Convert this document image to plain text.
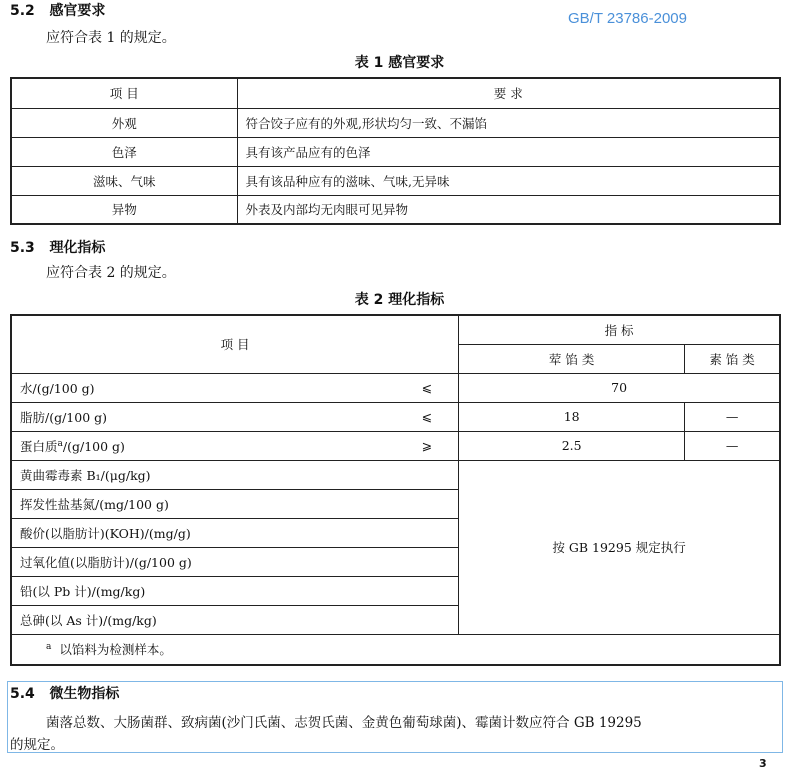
5.2 感官要求	GB/T 23786-2009
应符合表 1 的规定。
表 1 感官要求
项 目	要 求
外观	符合饺子应有的外观,形状均匀一致、不漏馅
色泽	具有该产品应有的色泽
滋味、气味	具有该品种应有的滋味、气味,无异味
异物	外表及内部均无肉眼可见异物
5.3 理化指标
应符合表 2 的规定。
表 2 理化指标
项 目		指 标	
		荤 馅 类	素 馅 类
水/(g/100 g)	⩽	70	
脂肪/(g/100 g)	⩽	18	—
蛋白质$^a$/(g/100 g)	⩾	2.5	—
黄曲霉毒素 B₁/(μg/kg)		按 GB 19295 规定执行	
挥发性盐基氮/(mg/100 g)			
酸价(以脂肪计)(KOH)/(mg/g)			
过氧化值(以脂肪计)/(g/100 g)			
铅(以 Pb 计)/(mg/kg)			
总砷(以 As 计)/(mg/kg)			
$^a$ 以馅料为检测样本。			
5.4 微生物指标
菌落总数、大肠菌群、致病菌(沙门氏菌、志贺氏菌、金黄色葡萄球菌)、霉菌计数应符合 GB 19295
的规定。
3
